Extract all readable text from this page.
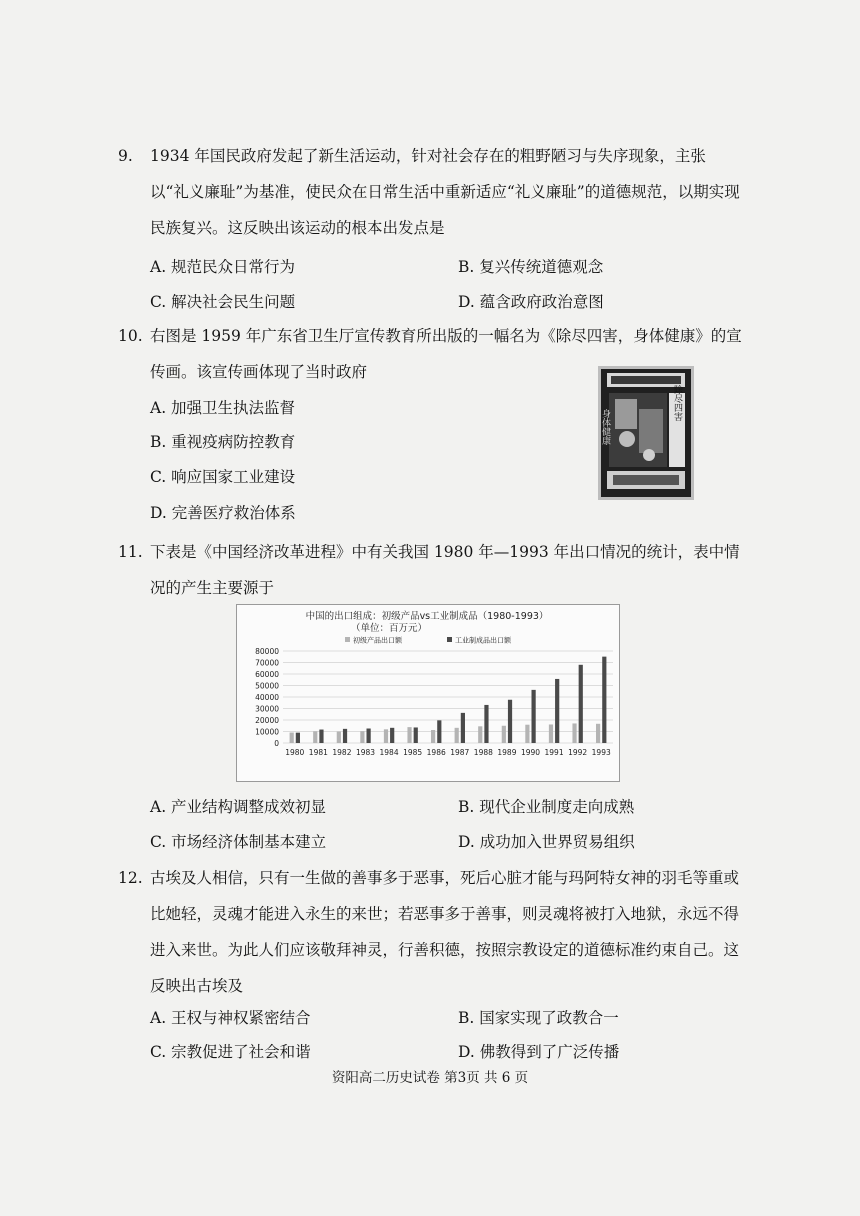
9.	1934 年国民政府发起了新生活运动，针对社会存在的粗野陋习与失序现象，主张以“礼义廉耻”为基准，使民众在日常生活中重新适应“礼义廉耻”的道德规范，以期实现民族复兴。这反映出该运动的根本出发点是
A. 规范民众日常行为	B. 复兴传统道德观念
C. 解决社会民生问题	D. 蕴含政府政治意图
10. 右图是 1959 年广东省卫生厅宣传教育所出版的一幅名为《除尽四害，身体健康》的宣传画。该宣传画体现了当时政府
A. 加强卫生执法监督
B. 重视疫病防控教育
C. 响应国家工业建设
D. 完善医疗救治体系
除尽四害
身体健康
11. 下表是《中国经济改革进程》中有关我国 1980 年—1993 年出口情况的统计，表中情况的产生主要源于
中国的出口组成：初级产品vs工业制成品（1980-1993）
（单位：百万元）
初级产品出口额	工业制成品出口额
80000
70000
60000
50000
40000
30000
20000
10000
0
1980 1981 1982 1983 1984 1985 1986 1987 1988 1989 1990 1991 1992 1993
A. 产业结构调整成效初显	B. 现代企业制度走向成熟
C. 市场经济体制基本建立	D. 成功加入世界贸易组织
12. 古埃及人相信，只有一生做的善事多于恶事，死后心脏才能与玛阿特女神的羽毛等重或比她轻，灵魂才能进入永生的来世；若恶事多于善事，则灵魂将被打入地狱，永远不得进入来世。为此人们应该敬拜神灵，行善积德，按照宗教设定的道德标准约束自己。这反映出古埃及
A. 王权与神权紧密结合	B. 国家实现了政教合一
C. 宗教促进了社会和谐	D. 佛教得到了广泛传播
资阳高二历史试卷 第3页 共 6 页
